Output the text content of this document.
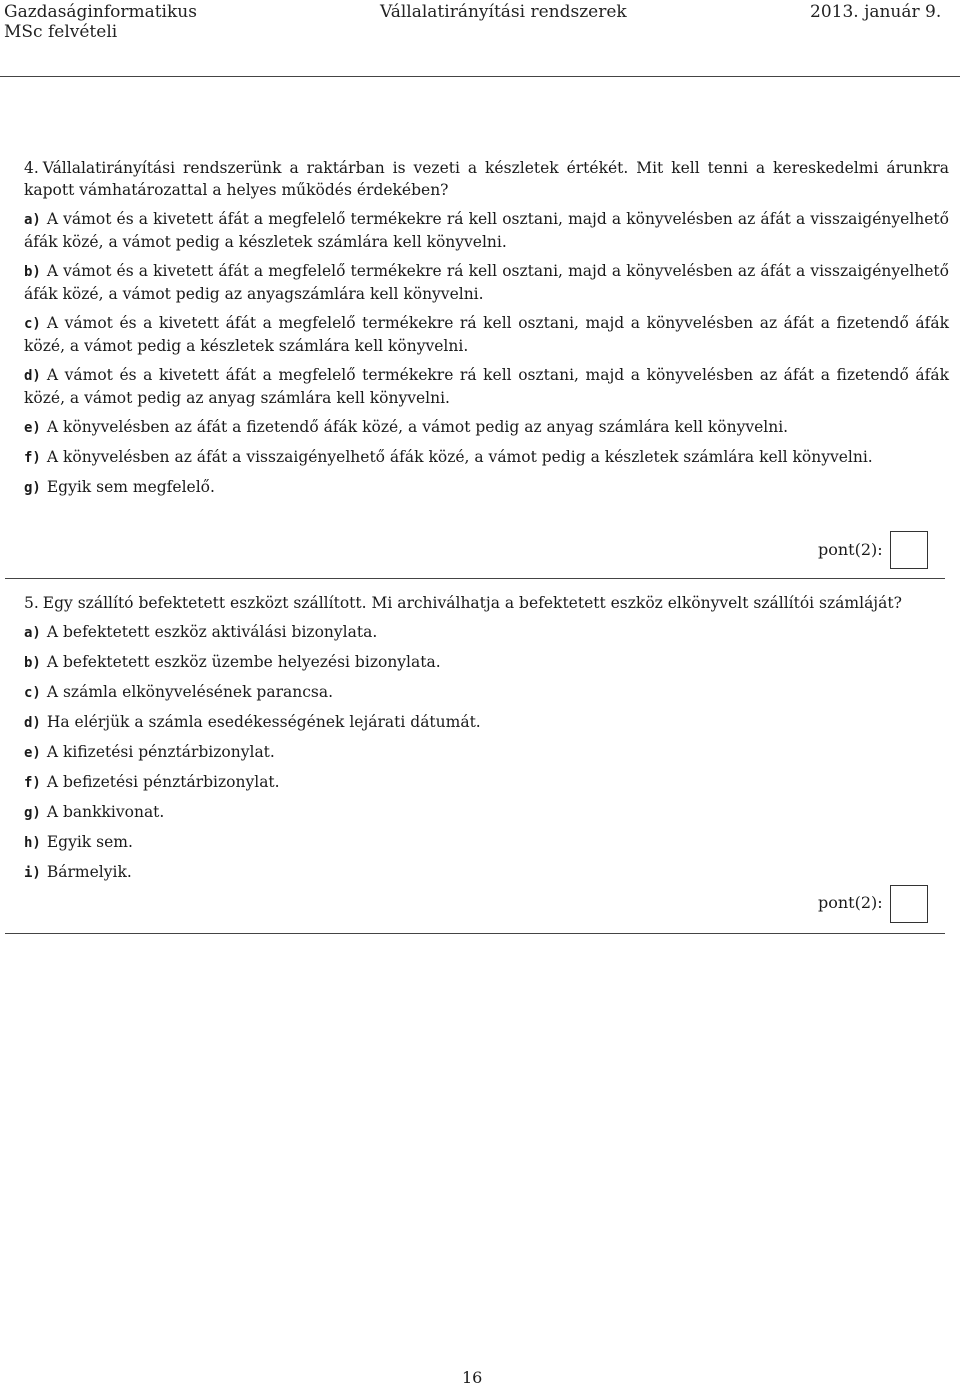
Gazdaságinformatikus
MSc felvételi
Vállalatirányítási rendszerek	2013. január 9.

4. Vállalatirányítási rendszerünk a raktárban is vezeti a készletek értékét. Mit kell tenni a kereskedelmi árunkra kapott vámhatározattal a helyes működés érdekében?

a) A vámot és a kivetett áfát a megfelelő termékekre rá kell osztani, majd a könyvelésben az áfát a visszaigényelhető áfák közé, a vámot pedig a készletek számlára kell könyvelni.
b) A vámot és a kivetett áfát a megfelelő termékekre rá kell osztani, majd a könyvelésben az áfát a visszaigényelhető áfák közé, a vámot pedig az anyagszámlára kell könyvelni.
c) A vámot és a kivetett áfát a megfelelő termékekre rá kell osztani, majd a könyvelésben az áfát a fizetendő áfák közé, a vámot pedig a készletek számlára kell könyvelni.
d) A vámot és a kivetett áfát a megfelelő termékekre rá kell osztani, majd a könyvelésben az áfát a fizetendő áfák közé, a vámot pedig az anyag számlára kell könyvelni.
e) A könyvelésben az áfát a fizetendő áfák közé, a vámot pedig az anyag számlára kell könyvelni.
f) A könyvelésben az áfát a visszaigényelhető áfák közé, a vámot pedig a készletek számlára kell könyvelni.
g) Egyik sem megfelelő.
pont(2):

5. Egy szállító befektetett eszközt szállított. Mi archiválhatja a befektetett eszköz elkönyvelt szállítói számláját?

a) A befektetett eszköz aktiválási bizonylata.
b) A befektetett eszköz üzembe helyezési bizonylata.
c) A számla elkönyvelésének parancsa.
d) Ha elérjük a számla esedékességének lejárati dátumát.
e) A kifizetési pénztárbizonylat.
f) A befizetési pénztárbizonylat.
g) A bankkivonat.
h) Egyik sem.
i) Bármelyik.
pont(2):
16
